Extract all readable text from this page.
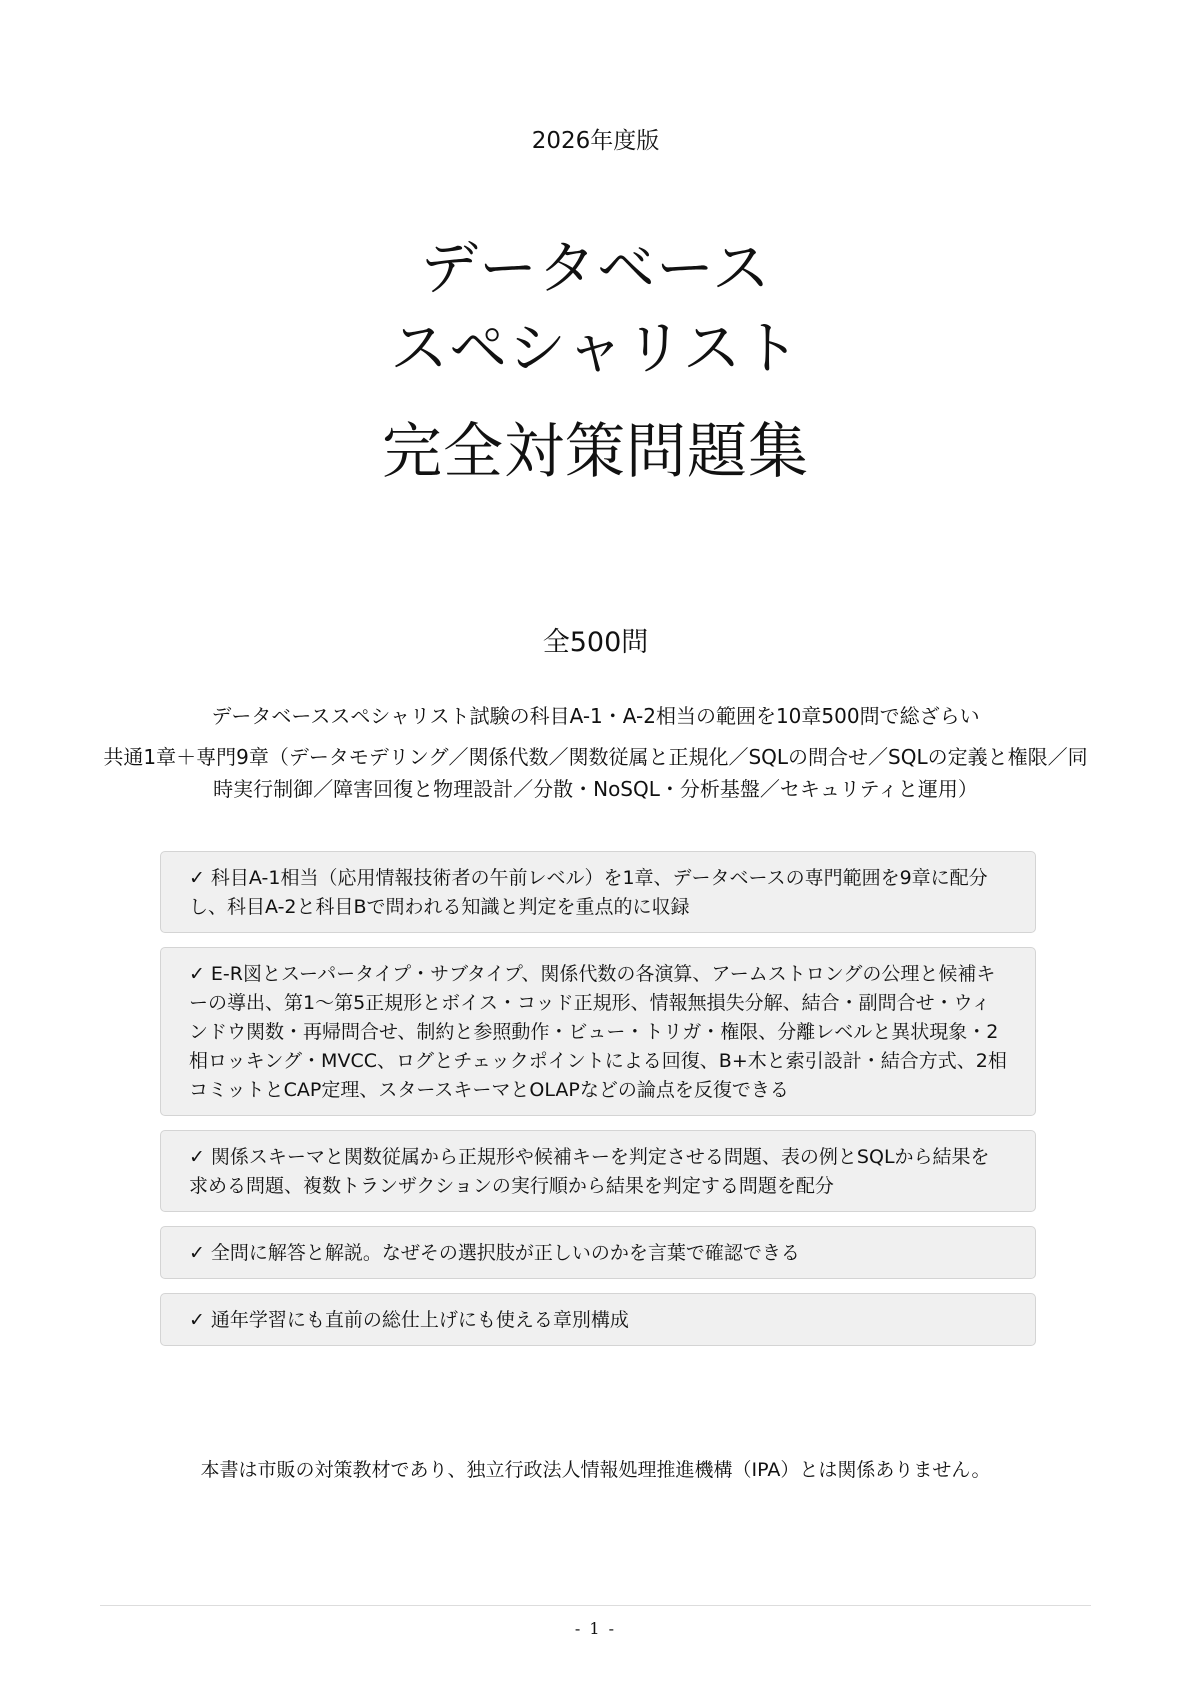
2026年度版
データベース
スペシャリスト
完全対策問題集
全500問

データベーススペシャリスト試験の科目A-1・A-2相当の範囲を10章500問で総ざらい

共通1章＋専門9章（データモデリング／関係代数／関数従属と正規化／SQLの問合せ／SQLの定義と権限／同時実行制御／障害回復と物理設計／分散・NoSQL・分析基盤／セキュリティと運用）

✓ 科目A-1相当（応用情報技術者の午前レベル）を1章、データベースの専門範囲を9章に配分し、科目A-2と科目Bで問われる知識と判定を重点的に収録
✓ E-R図とスーパータイプ・サブタイプ、関係代数の各演算、アームストロングの公理と候補キーの導出、第1〜第5正規形とボイス・コッド正規形、情報無損失分解、結合・副問合せ・ウィンドウ関数・再帰問合せ、制約と参照動作・ビュー・トリガ・権限、分離レベルと異状現象・2相ロッキング・MVCC、ログとチェックポイントによる回復、B+木と索引設計・結合方式、2相コミットとCAP定理、スタースキーマとOLAPなどの論点を反復できる
✓ 関係スキーマと関数従属から正規形や候補キーを判定させる問題、表の例とSQLから結果を求める問題、複数トランザクションの実行順から結果を判定する問題を配分
✓ 全問に解答と解説。なぜその選択肢が正しいのかを言葉で確認できる
✓ 通年学習にも直前の総仕上げにも使える章別構成
本書は市販の対策教材であり、独立行政法人情報処理推進機構（IPA）とは関係ありません。
- 1 -
